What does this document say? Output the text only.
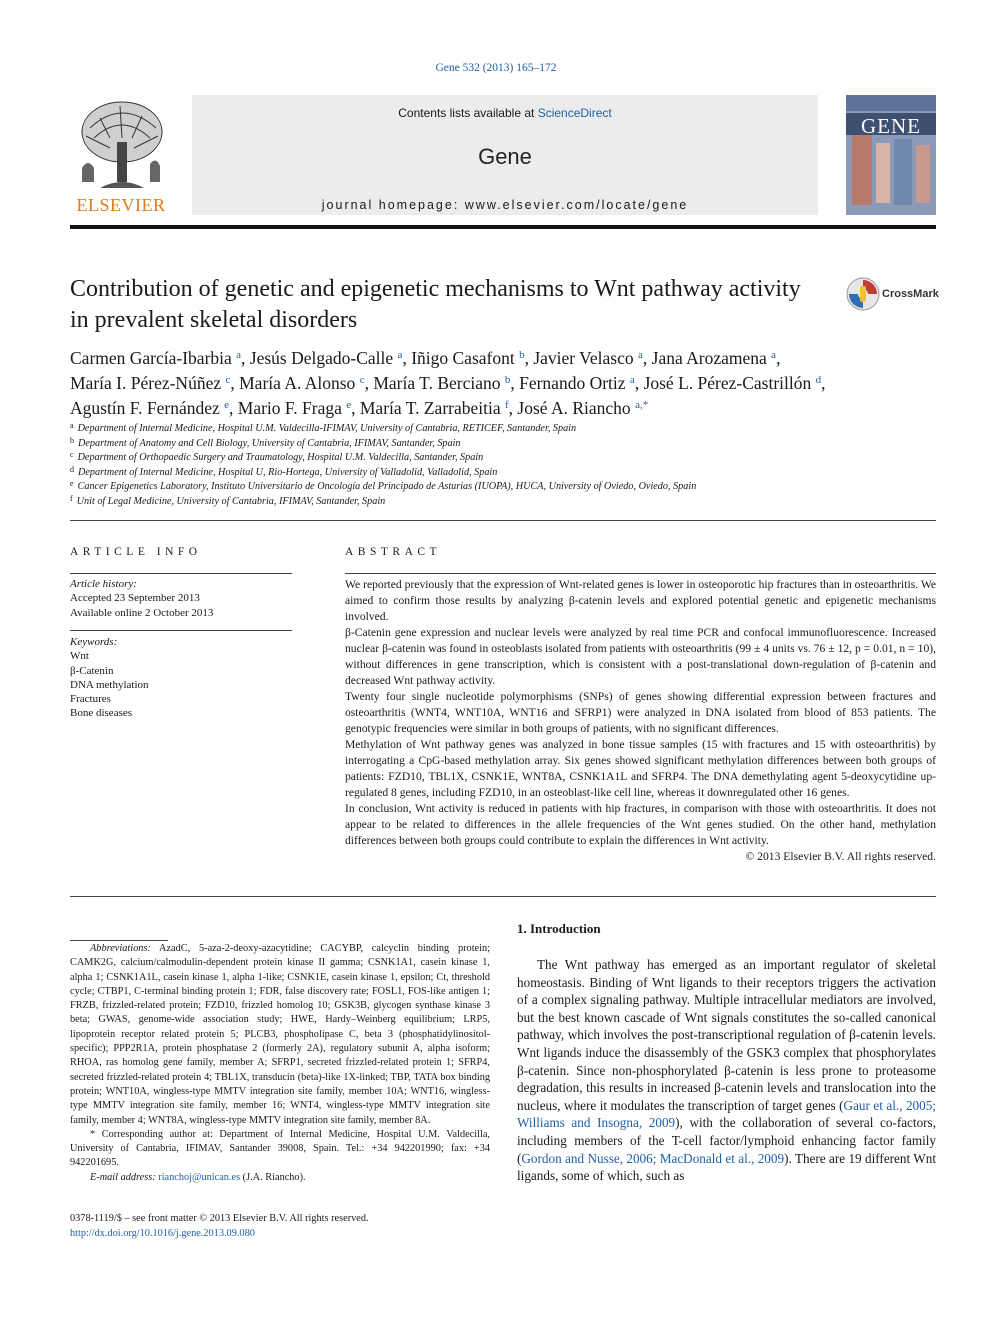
Gene 532 (2013) 165–172
ELSEVIER
Contents lists available at ScienceDirect
Gene
journal homepage: www.elsevier.com/locate/gene
GENE
Contribution of genetic and epigenetic mechanisms to Wnt pathway activity in prevalent skeletal disorders
CrossMark
Carmen García-Ibarbia $^a$, Jesús Delgado-Calle $^a$, Iñigo Casafont $^b$, Javier Velasco $^a$, Jana Arozamena $^a$,
María I. Pérez-Núñez $^c$, María A. Alonso $^c$, María T. Berciano $^b$, Fernando Ortiz $^a$, José L. Pérez-Castrillón $^d$,
Agustín F. Fernández $^e$, Mario F. Fraga $^e$, María T. Zarrabeitia $^f$, José A. Riancho $^{a,*}$
$^a$ Department of Internal Medicine, Hospital U.M. Valdecilla-IFIMAV, University of Cantabria, RETICEF, Santander, Spain
$^b$ Department of Anatomy and Cell Biology, University of Cantabria, IFIMAV, Santander, Spain
$^c$ Department of Orthopaedic Surgery and Traumatology, Hospital U.M. Valdecilla, Santander, Spain
$^d$ Department of Internal Medicine, Hospital U, Rio-Hortega, University of Valladolid, Valladolid, Spain
$^e$ Cancer Epigenetics Laboratory, Instituto Universitario de Oncología del Principado de Asturias (IUOPA), HUCA, University of Oviedo, Oviedo, Spain
$^f$ Unit of Legal Medicine, University of Cantabria, IFIMAV, Santander, Spain
ARTICLE INFO
Article history:
Accepted 23 September 2013
Available online 2 October 2013
Keywords:
Wnt
β-Catenin
DNA methylation
Fractures
Bone diseases
ABSTRACT

We reported previously that the expression of Wnt-related genes is lower in osteoporotic hip fractures than in osteoarthritis. We aimed to confirm those results by analyzing β-catenin levels and explored potential genetic and epigenetic mechanisms involved.

β-Catenin gene expression and nuclear levels were analyzed by real time PCR and confocal immunofluorescence. Increased nuclear β-catenin was found in osteoblasts isolated from patients with osteoarthritis (99 ± 4 units vs. 76 ± 12, p = 0.01, n = 10), without differences in gene transcription, which is consistent with a post-translational down-regulation of β-catenin and decreased Wnt pathway activity.

Twenty four single nucleotide polymorphisms (SNPs) of genes showing differential expression between fractures and osteoarthritis (WNT4, WNT10A, WNT16 and SFRP1) were analyzed in DNA isolated from blood of 853 patients. The genotypic frequencies were similar in both groups of patients, with no significant differences.

Methylation of Wnt pathway genes was analyzed in bone tissue samples (15 with fractures and 15 with osteoarthritis) by interrogating a CpG-based methylation array. Six genes showed significant methylation differences between both groups of patients: FZD10, TBL1X, CSNK1E, WNT8A, CSNK1A1L and SFRP4. The DNA demethylating agent 5-deoxycytidine up-regulated 8 genes, including FZD10, in an osteoblast-like cell line, whereas it downregulated other 16 genes.

In conclusion, Wnt activity is reduced in patients with hip fractures, in comparison with those with osteoarthritis. It does not appear to be related to differences in the allele frequencies of the Wnt genes studied. On the other hand, methylation differences between both groups could contribute to explain the differences in Wnt activity.

© 2013 Elsevier B.V. All rights reserved.

Abbreviations: AzadC, 5-aza-2-deoxy-azacytidine; CACYBP, calcyclin binding protein; CAMK2G, calcium/calmodulin-dependent protein kinase II gamma; CSNK1A1, casein kinase 1, alpha 1; CSNK1A1L, casein kinase 1, alpha 1-like; CSNK1E, casein kinase 1, epsilon; Ct, threshold cycle; CTBP1, C-terminal binding protein 1; FDR, false discovery rate; FOSL1, FOS-like antigen 1; FRZB, frizzled-related protein; FZD10, frizzled homolog 10; GSK3B, glycogen synthase kinase 3 beta; GWAS, genome-wide association study; HWE, Hardy–Weinberg equilibrium; LRP5, lipoprotein receptor related protein 5; PLCB3, phospholipase C, beta 3 (phosphatidylinositol-specific); PPP2R1A, protein phosphatase 2 (formerly 2A), regulatory subunit A, alpha isoform; RHOA, ras homolog gene family, member A; SFRP1, secreted frizzled-related protein 1; SFRP4, secreted frizzled-related protein 4; TBL1X, transducin (beta)-like 1X-linked; TBP, TATA box binding protein; WNT10A, wingless-type MMTV integration site family, member 10A; WNT16, wingless-type MMTV integration site family, member 16; WNT4, wingless-type MMTV integration site family, member 4; WNT8A, wingless-type MMTV integration site family, member 8A.

* Corresponding author at: Department of Internal Medicine, Hospital U.M. Valdecilla, University of Cantabria, IFIMAV, Santander 39008, Spain. Tel.: +34 942201990; fax: +34 942201695.

E-mail address: rianchoj@unican.es (J.A. Riancho).

0378-1119/$ – see front matter © 2013 Elsevier B.V. All rights reserved.
http://dx.doi.org/10.1016/j.gene.2013.09.080
1. Introduction
The Wnt pathway has emerged as an important regulator of skeletal homeostasis. Binding of Wnt ligands to their receptors triggers the activation of a complex signaling pathway. Multiple intracellular mediators are involved, but the best known cascade of Wnt signals constitutes the so-called canonical pathway, which involves the post-transcriptional regulation of β-catenin levels. Wnt ligands induce the disassembly of the GSK3 complex that phosphorylates β-catenin. Since non-phosphorylated β-catenin is less prone to proteasome degradation, this results in increased β-catenin levels and translocation into the nucleus, where it modulates the transcription of target genes (Gaur et al., 2005; Williams and Insogna, 2009), with the collaboration of several co-factors, including members of the T-cell factor/lymphoid enhancing factor family (Gordon and Nusse, 2006; MacDonald et al., 2009). There are 19 different Wnt ligands, some of which, such as
